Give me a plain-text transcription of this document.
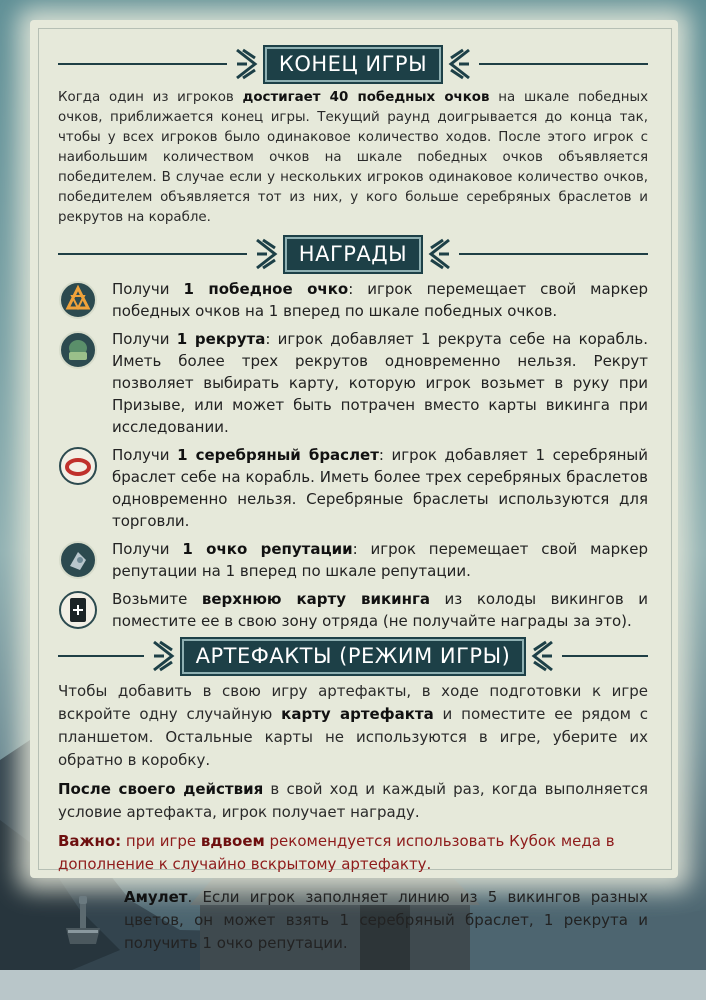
КОНЕЦ ИГРЫ

Когда один из игроков достигает 40 победных очков на шкале победных очков, приближается конец игры. Текущий раунд доигрывается до конца так, чтобы у всех игроков было одинаковое количество ходов. После этого игрок с наибольшим количеством очков на шкале победных очков объявляется победителем. В случае если у нескольких игроков одинаковое количество очков, победителем объявляется тот из них, у кого больше серебряных браслетов и рекрутов на корабле.

НАГРАДЫ
Получи 1 победное очко: игрок перемещает свой маркер победных очков на 1 вперед по шкале победных очков.
Получи 1 рекрута: игрок добавляет 1 рекрута себе на корабль. Иметь более трех рекрутов одновременно нельзя. Рекрут позволяет выбирать карту, которую игрок возьмет в руку при Призыве, или может быть потрачен вместо карты викинга при исследовании.
Получи 1 серебряный браслет: игрок добавляет 1 серебряный браслет себе на корабль. Иметь более трех серебряных браслетов одновременно нельзя. Серебряные браслеты используются для торговли.
Получи 1 очко репутации: игрок перемещает свой маркер репутации на 1 вперед по шкале репутации.
Возьмите верхнюю карту викинга из колоды викингов и поместите ее в свою зону отряда (не получайте награды за это).
АРТЕФАКТЫ (РЕЖИМ ИГРЫ)

Чтобы добавить в свою игру артефакты, в ходе подготовки к игре вскройте одну случайную карту артефакта и поместите ее рядом с планшетом. Остальные карты не используются в игре, уберите их обратно в коробку.

После своего действия в свой ход и каждый раз, когда выполняется условие артефакта, игрок получает награду.

Важно: при игре вдвоем рекомендуется использовать Кубок меда в дополнение к случайно вскрытому артефакту.

Амулет. Если игрок заполняет линию из 5 викингов разных цветов, он может взять 1 серебряный браслет, 1 рекрута и получить 1 очко репутации.
